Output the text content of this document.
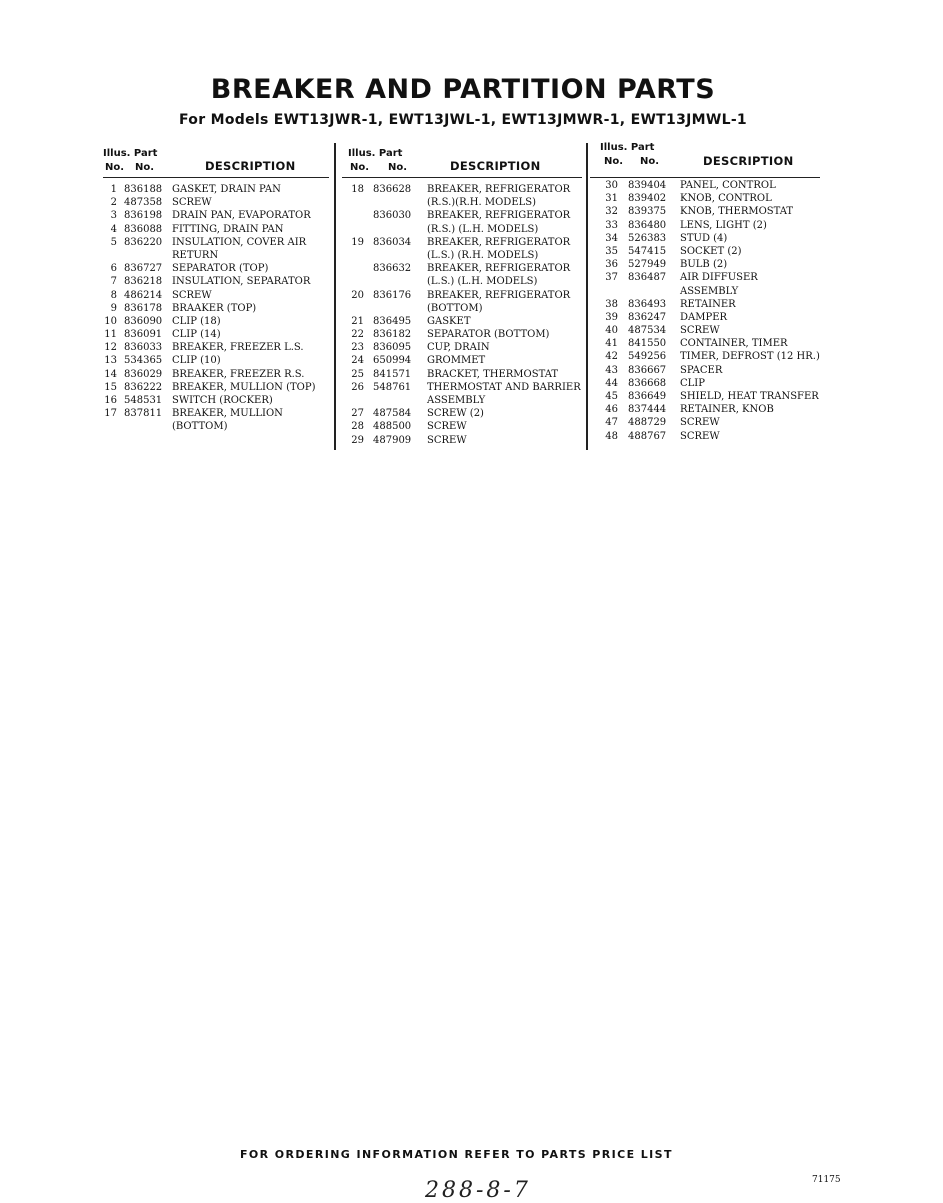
BREAKER AND PARTITION PARTS
For Models EWT13JWR-1, EWT13JWL-1, EWT13JMWR-1, EWT13JMWL-1
Illus. Part
No. No.	DESCRIPTION
1 836188 GASKET, DRAIN PAN
2 487358 SCREW
3 836198 DRAIN PAN, EVAPORATOR
4 836088 FITTING, DRAIN PAN
5 836220 INSULATION, COVER AIR
RETURN
6 836727 SEPARATOR (TOP)
7 836218 INSULATION, SEPARATOR
8 486214 SCREW
9 836178 BRAAKER (TOP)
10 836090 CLIP (18)
11 836091 CLIP (14)
12 836033 BREAKER, FREEZER L.S.
13 534365 CLIP (10)
14 836029 BREAKER, FREEZER R.S.
15 836222 BREAKER, MULLION (TOP)
16 548531 SWITCH (ROCKER)
17 837811 BREAKER, MULLION
(BOTTOM)
Illus. Part
No. No.	DESCRIPTION
18 836628 BREAKER, REFRIGERATOR
(R.S.)(R.H. MODELS)
836030 BREAKER, REFRIGERATOR
(R.S.) (L.H. MODELS)
19 836034 BREAKER, REFRIGERATOR
(L.S.) (R.H. MODELS)
836632 BREAKER, REFRIGERATOR
(L.S.) (L.H. MODELS)
20 836176 BREAKER, REFRIGERATOR
(BOTTOM)
21 836495 GASKET
22 836182 SEPARATOR (BOTTOM)
23 836095 CUP, DRAIN
24 650994 GROMMET
25 841571 BRACKET, THERMOSTAT
26 548761 THERMOSTAT AND BARRIER
ASSEMBLY
27 487584 SCREW (2)
28 488500 SCREW
29 487909 SCREW
Illus. Part
No. No.	DESCRIPTION
30 839404 PANEL, CONTROL
31 839402 KNOB, CONTROL
32 839375 KNOB, THERMOSTAT
33 836480 LENS, LIGHT (2)
34 526383 STUD (4)
35 547415 SOCKET (2)
36 527949 BULB (2)
37 836487 AIR DIFFUSER
ASSEMBLY
38 836493 RETAINER
39 836247 DAMPER
40 487534 SCREW
41 841550 CONTAINER, TIMER
42 549256 TIMER, DEFROST (12 HR.)
43 836667 SPACER
44 836668 CLIP
45 836649 SHIELD, HEAT TRANSFER
46 837444 RETAINER, KNOB
47 488729 SCREW
48 488767 SCREW
FOR ORDERING INFORMATION REFER TO PARTS PRICE LIST
71175
288-8-7
